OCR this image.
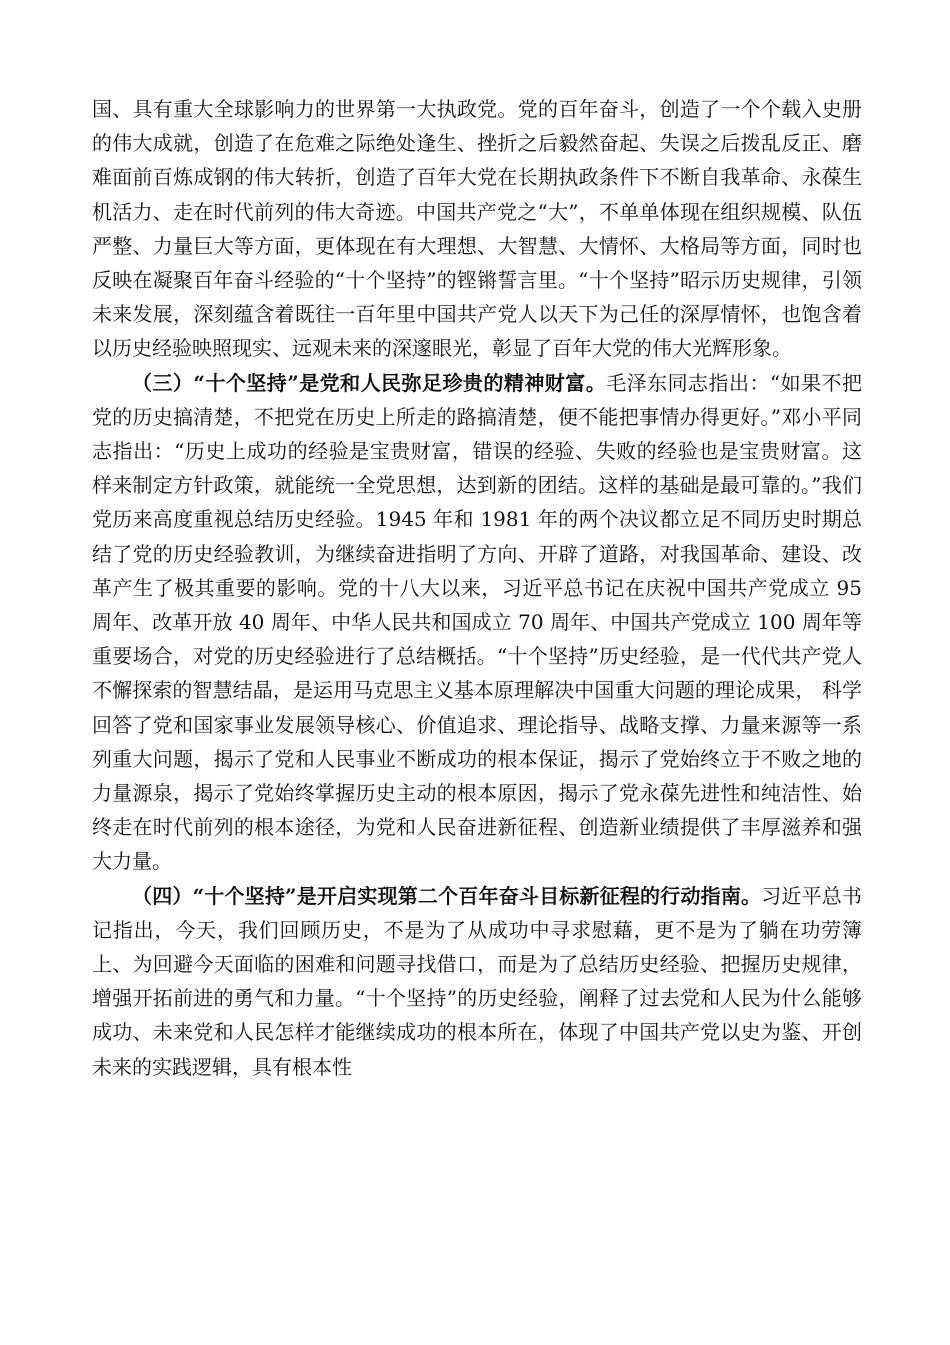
国、具有重大全球影响力的世界第一大执政党。党的百年奋斗，创造了一个个载入史册的伟大成就，创造了在危难之际绝处逢生、挫折之后毅然奋起、失误之后拨乱反正、磨难面前百炼成钢的伟大转折，创造了百年大党在长期执政条件下不断自我革命、永葆生机活力、走在时代前列的伟大奇迹。中国共产党之“大”，不单单体现在组织规模、队伍严整、力量巨大等方面，更体现在有大理想、大智慧、大情怀、大格局等方面，同时也反映在凝聚百年奋斗经验的“十个坚持”的铿锵誓言里。“十个坚持”昭示历史规律，引领未来发展，深刻蕴含着既往一百年里中国共产党人以天下为己任的深厚情怀，也饱含着以历史经验映照现实、远观未来的深邃眼光，彰显了百年大党的伟大光辉形象。

（三）“十个坚持”是党和人民弥足珍贵的精神财富。毛泽东同志指出：“如果不把党的历史搞清楚，不把党在历史上所走的路搞清楚，便不能把事情办得更好。”邓小平同志指出：“历史上成功的经验是宝贵财富，错误的经验、失败的经验也是宝贵财富。这样来制定方针政策，就能统一全党思想，达到新的团结。这样的基础是最可靠的。”我们党历来高度重视总结历史经验。1945 年和 1981 年的两个决议都立足不同历史时期总结了党的历史经验教训，为继续奋进指明了方向、开辟了道路，对我国革命、建设、改革产生了极其重要的影响。党的十八大以来，习近平总书记在庆祝中国共产党成立 95 周年、改革开放 40 周年、中华人民共和国成立 70 周年、中国共产党成立 100 周年等重要场合，对党的历史经验进行了总结概括。“十个坚持”历史经验，是一代代共产党人不懈探索的智慧结晶，是运用马克思主义基本原理解决中国重大问题的理论成果， 科学回答了党和国家事业发展领导核心、价值追求、理论指导、战略支撑、力量来源等一系列重大问题，揭示了党和人民事业不断成功的根本保证，揭示了党始终立于不败之地的力量源泉，揭示了党始终掌握历史主动的根本原因，揭示了党永葆先进性和纯洁性、始终走在时代前列的根本途径，为党和人民奋进新征程、创造新业绩提供了丰厚滋养和强大力量。

（四）“十个坚持”是开启实现第二个百年奋斗目标新征程的行动指南。习近平总书记指出，今天，我们回顾历史，不是为了从成功中寻求慰藉，更不是为了躺在功劳簿上、为回避今天面临的困难和问题寻找借口，而是为了总结历史经验、把握历史规律，增强开拓前进的勇气和力量。“十个坚持”的历史经验，阐释了过去党和人民为什么能够成功、未来党和人民怎样才能继续成功的根本所在，体现了中国共产党以史为鉴、开创未来的实践逻辑，具有根本性
